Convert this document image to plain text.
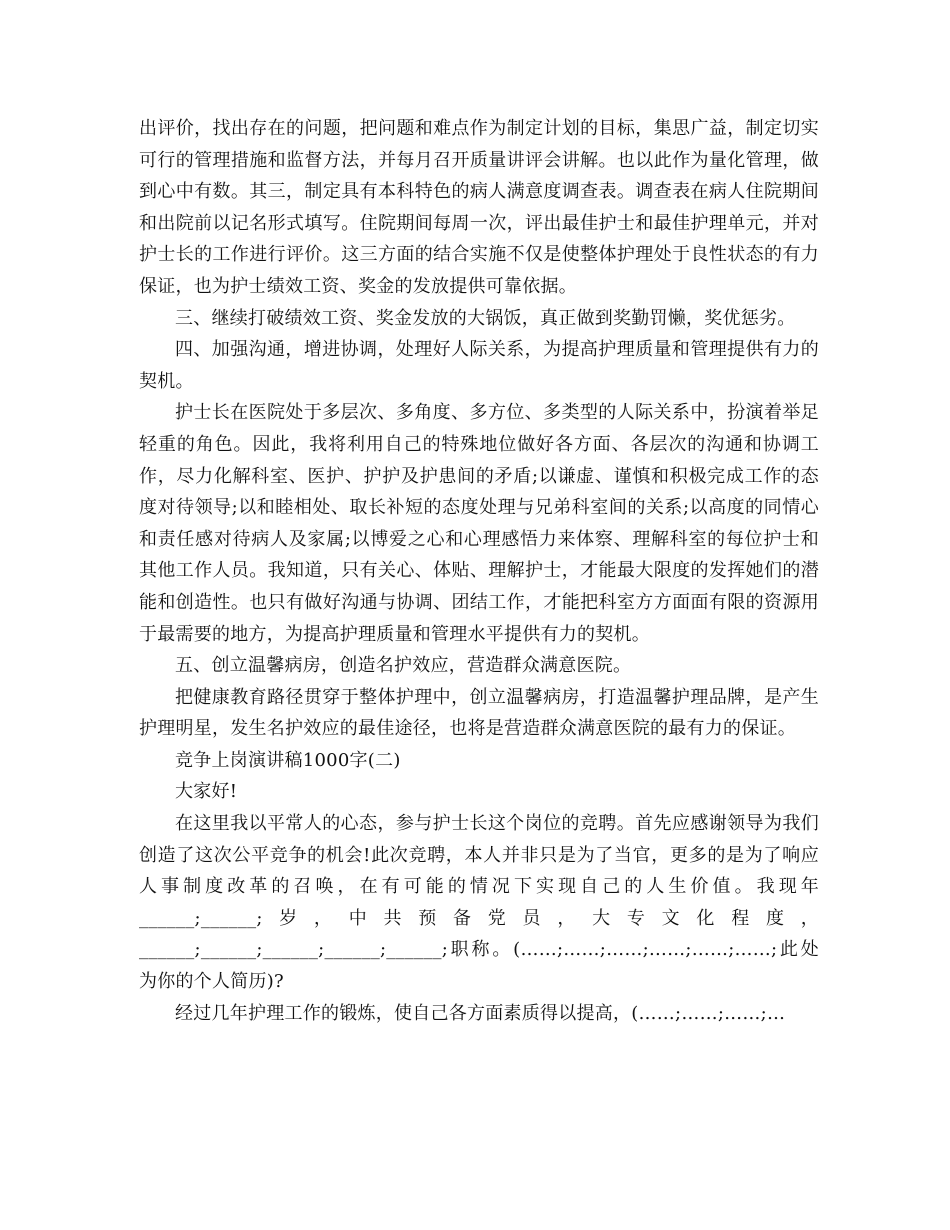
出评价，找出存在的问题，把问题和难点作为制定计划的目标，集思广益，制定切实可行的管理措施和监督方法，并每月召开质量讲评会讲解。也以此作为量化管理，做到心中有数。其三，制定具有本科特色的病人满意度调查表。调查表在病人住院期间和出院前以记名形式填写。住院期间每周一次，评出最佳护士和最佳护理单元，并对护士长的工作进行评价。这三方面的结合实施不仅是使整体护理处于良性状态的有力保证，也为护士绩效工资、奖金的发放提供可靠依据。

三、继续打破绩效工资、奖金发放的大锅饭，真正做到奖勤罚懒，奖优惩劣。

四、加强沟通，增进协调，处理好人际关系，为提高护理质量和管理提供有力的契机。

护士长在医院处于多层次、多角度、多方位、多类型的人际关系中，扮演着举足轻重的角色。因此，我将利用自己的特殊地位做好各方面、各层次的沟通和协调工作，尽力化解科室、医护、护护及护患间的矛盾;以谦虚、谨慎和积极完成工作的态度对待领导;以和睦相处、取长补短的态度处理与兄弟科室间的关系;以高度的同情心和责任感对待病人及家属;以博爱之心和心理感悟力来体察、理解科室的每位护士和其他工作人员。我知道，只有关心、体贴、理解护士，才能最大限度的发挥她们的潜能和创造性。也只有做好沟通与协调、团结工作，才能把科室方方面面有限的资源用于最需要的地方，为提高护理质量和管理水平提供有力的契机。

五、创立温馨病房，创造名护效应，营造群众满意医院。

把健康教育路径贯穿于整体护理中，创立温馨病房，打造温馨护理品牌，是产生护理明星，发生名护效应的最佳途径，也将是营造群众满意医院的最有力的保证。

竞争上岗演讲稿1000字(二)

大家好!

在这里我以平常人的心态，参与护士长这个岗位的竞聘。首先应感谢领导为我们创造了这次公平竞争的机会!此次竞聘，本人并非只是为了当官，更多的是为了响应人事制度改革的召唤，在有可能的情况下实现自己的人生价值。我现年______;______;岁，中共预备党员，大专文化程度，______;______;______;______;______;职称。(……;……;……;……;……;……;此处为你的个人简历)?

经过几年护理工作的锻炼，使自己各方面素质得以提高，(……;……;……;…
